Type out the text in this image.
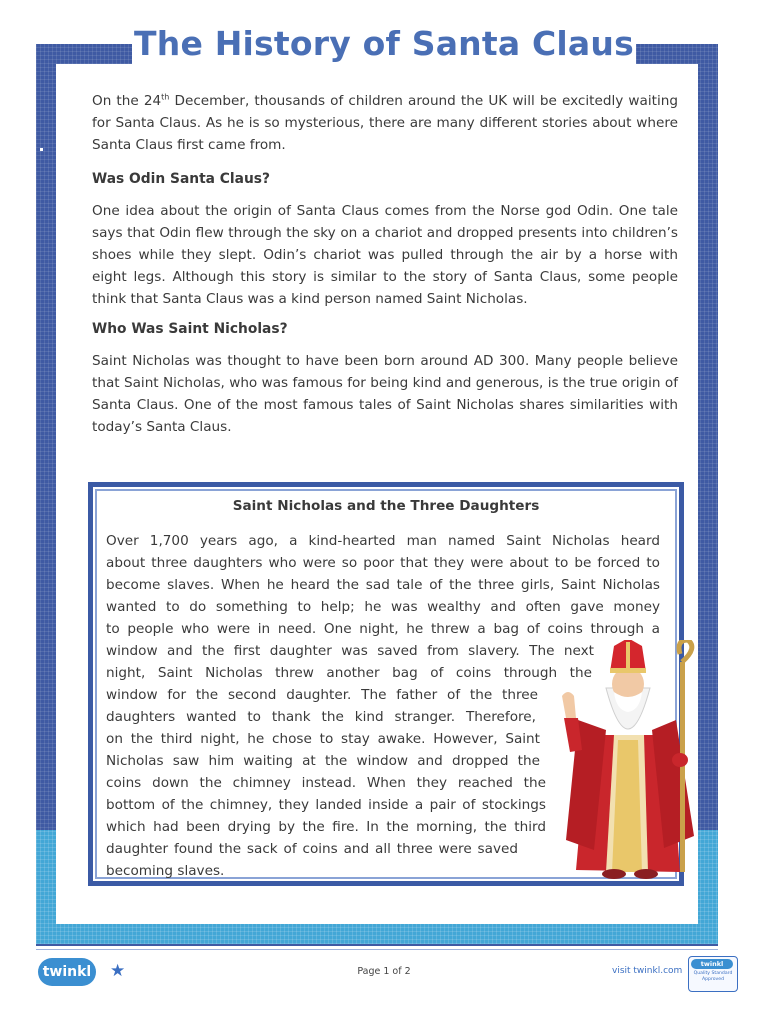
The History of Santa Claus

On the 24th December, thousands of children around the UK will be excitedly waiting for Santa Claus. As he is so mysterious, there are many different stories about where Santa Claus first came from.

Was Odin Santa Claus?

One idea about the origin of Santa Claus comes from the Norse god Odin. One tale says that Odin flew through the sky on a chariot and dropped presents into children’s shoes while they slept. Odin’s chariot was pulled through the air by a horse with eight legs. Although this story is similar to the story of Santa Claus, some people think that Santa Claus was a kind person named Saint Nicholas.

Who Was Saint Nicholas?

Saint Nicholas was thought to have been born around AD 300. Many people believe that Saint Nicholas, who was famous for being kind and generous, is the true origin of Santa Claus. One of the most famous tales of Saint Nicholas shares similarities with today’s Santa Claus.

Saint Nicholas and the Three Daughters

Over 1,700 years ago, a kind-hearted man named Saint Nicholas heard

about three daughters who were so poor that they were about to be forced to

become slaves. When he heard the sad tale of the three girls, Saint Nicholas

wanted to do something to help; he was wealthy and often gave money

to people who were in need. One night, he threw a bag of coins through a

window and the first daughter was saved from slavery. The next

night, Saint Nicholas threw another bag of coins through the

window for the second daughter. The father of the three

daughters wanted to thank the kind stranger. Therefore,

on the third night, he chose to stay awake. However, Saint

Nicholas saw him waiting at the window and dropped the

coins down the chimney instead. When they reached the

bottom of the chimney, they landed inside a pair of stockings

which had been drying by the fire. In the morning, the third

daughter found the sack of coins and all three were saved

becoming slaves.

twinkl ★	Page 1 of 2	visit twinkl.com
twinkl
Quality Standard Approved
